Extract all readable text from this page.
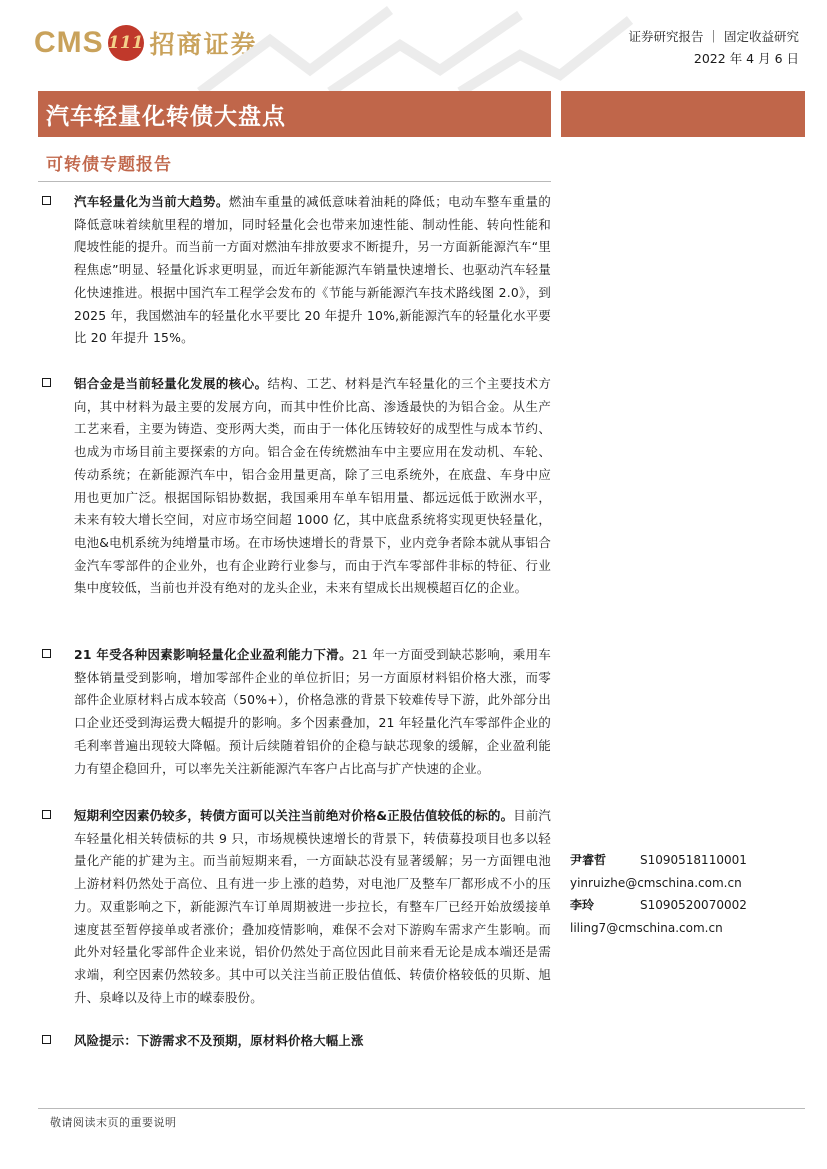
CMS 111 招商证券	证券研究报告 ｜ 固定收益研究
2022 年 4 月 6 日
汽车轻量化转债大盘点
可转债专题报告

汽车轻量化为当前大趋势。燃油车重量的减低意味着油耗的降低；电动车整车重量的降低意味着续航里程的增加，同时轻量化会也带来加速性能、制动性能、转向性能和爬坡性能的提升。而当前一方面对燃油车排放要求不断提升，另一方面新能源汽车“里程焦虑”明显、轻量化诉求更明显，而近年新能源汽车销量快速增长、也驱动汽车轻量化快速推进。根据中国汽车工程学会发布的《节能与新能源汽车技术路线图 2.0》，到 2025 年，我国燃油车的轻量化水平要比 20 年提升 10%,新能源汽车的轻量化水平要比 20 年提升 15%。

铝合金是当前轻量化发展的核心。结构、工艺、材料是汽车轻量化的三个主要技术方向，其中材料为最主要的发展方向，而其中性价比高、渗透最快的为铝合金。从生产工艺来看，主要为铸造、变形两大类，而由于一体化压铸较好的成型性与成本节约、也成为市场目前主要探索的方向。铝合金在传统燃油车中主要应用在发动机、车轮、传动系统；在新能源汽车中，铝合金用量更高，除了三电系统外，在底盘、车身中应用也更加广泛。根据国际铝协数据，我国乘用车单车铝用量、都远远低于欧洲水平，未来有较大增长空间，对应市场空间超 1000 亿，其中底盘系统将实现更快轻量化，电池&电机系统为纯增量市场。在市场快速增长的背景下，业内竞争者除本就从事铝合金汽车零部件的企业外，也有企业跨行业参与，而由于汽车零部件非标的特征、行业集中度较低，当前也并没有绝对的龙头企业，未来有望成长出规模超百亿的企业。

21 年受各种因素影响轻量化企业盈利能力下滑。21 年一方面受到缺芯影响，乘用车整体销量受到影响，增加零部件企业的单位折旧；另一方面原材料铝价格大涨，而零部件企业原材料占成本较高（50%+），价格急涨的背景下较难传导下游，此外部分出口企业还受到海运费大幅提升的影响。多个因素叠加，21 年轻量化汽车零部件企业的毛利率普遍出现较大降幅。预计后续随着铝价的企稳与缺芯现象的缓解，企业盈利能力有望企稳回升，可以率先关注新能源汽车客户占比高与扩产快速的企业。

短期利空因素仍较多，转债方面可以关注当前绝对价格&正股估值较低的标的。目前汽车轻量化相关转债标的共 9 只，市场规模快速增长的背景下，转债募投项目也多以轻量化产能的扩建为主。而当前短期来看，一方面缺芯没有显著缓解；另一方面锂电池上游材料仍然处于高位、且有进一步上涨的趋势，对电池厂及整车厂都形成不小的压力。双重影响之下，新能源汽车订单周期被进一步拉长，有整车厂已经开始放缓接单速度甚至暂停接单或者涨价；叠加疫情影响，难保不会对下游购车需求产生影响。而此外对轻量化零部件企业来说，铝价仍然处于高位因此目前来看无论是成本端还是需求端，利空因素仍然较多。其中可以关注当前正股估值低、转债价格较低的贝斯、旭升、泉峰以及待上市的嵘泰股份。

风险提示：下游需求不及预期，原材料价格大幅上涨

尹睿哲	S1090518110001
yinruizhe@cmschina.com.cn
李玲	S1090520070002
liling7@cmschina.com.cn
敬请阅读末页的重要说明
